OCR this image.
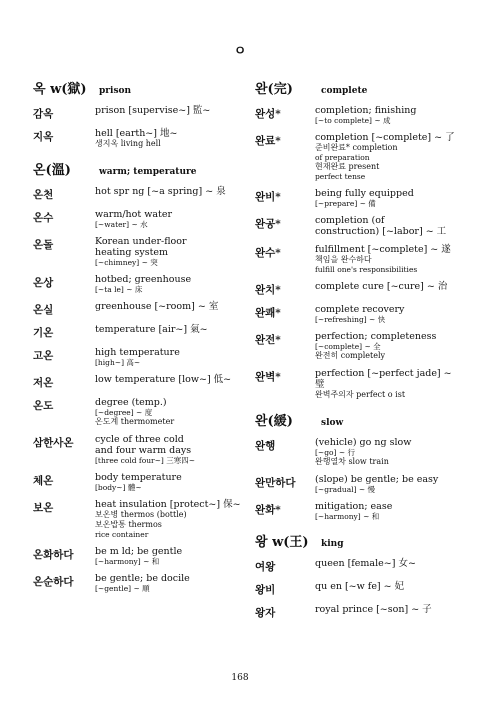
ㅇ
옥 w(獄)	prison
감옥	prison [supervise~] 監~
지옥	hell [earth~] 地~
생지옥 living hell
온(溫)	warm; temperature
온천	hot spr ng [~a spring] ~ 泉
온수	warm/hot water
[~water] ~ 水
온돌	Korean under-floor
heating system
[~chimney] ~ 突
온상	hotbed; greenhouse
[~ta le] ~ 床
온실	greenhouse [~room] ~ 室
기온	temperature [air~] 氣~
고온	high temperature
[high~] 高~
저온	low temperature [low~] 低~
온도	degree (temp.)
[~degree] ~ 度
온도계 thermometer
삼한사온	cycle of three cold
and four warm days
[three cold four~] 三寒四~
체온	body temperature
[body~] 體~
보온	heat insulation [protect~] 保~
보온병 thermos (bottle)
보온밥통 thermos
rice container
온화하다	be m ld; be gentle
[~harmony] ~ 和
온순하다	be gentle; be docile
[~gentle] ~ 順
완(完)	complete
완성*	completion; finishing
[~to complete] ~ 成
완료*	completion [~complete] ~ 了
준비완료* completion
of preparation
현재완료 present
perfect tense
완비*	being fully equipped
[~prepare] ~ 備
완공*	completion (of
construction) [~labor] ~ 工
완수*	fulfillment [~complete] ~ 遂
책임을 완수하다
fulfill one's responsibilities
완치*	complete cure [~cure] ~ 治
완쾌*	complete recovery
[~refreshing] ~ 快
완전*	perfection; completeness
[~complete] ~ 全
완전히 completely
완벽*	perfection [~perfect jade] ~ 璧
완벽주의자 perfect o ist
완(緩)	slow
완행	(vehicle) go ng slow
[~go] ~ 行
완행열차 slow train
완만하다	(slope) be gentle; be easy
[~gradual] ~ 慢
완화*	mitigation; ease
[~harmony] ~ 和
왕 w(王)	king
여왕	queen [female~] 女~
왕비	qu en [~w fe] ~ 妃
왕자	royal prince [~son] ~ 子
168
